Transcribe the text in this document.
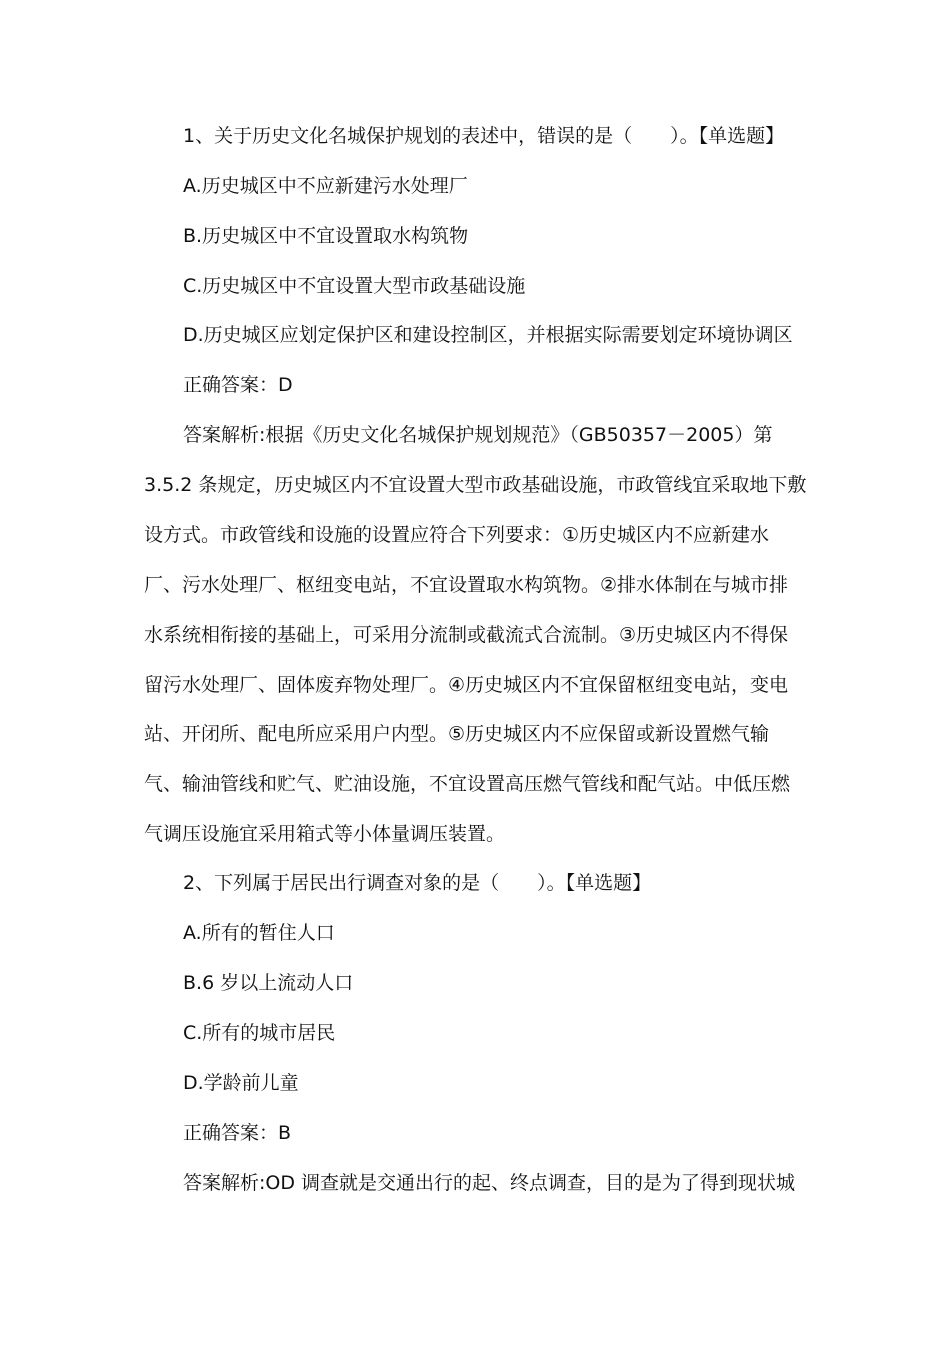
1、关于历史文化名城保护规划的表述中，错误的是（　　）。【单选题】
A.历史城区中不应新建污水处理厂
B.历史城区中不宜设置取水构筑物
C.历史城区中不宜设置大型市政基础设施
D.历史城区应划定保护区和建设控制区，并根据实际需要划定环境协调区
正确答案：D
答案解析:根据《历史文化名城保护规划规范》（GB50357－2005）第
3.5.2 条规定，历史城区内不宜设置大型市政基础设施，市政管线宜采取地下敷
设方式。市政管线和设施的设置应符合下列要求：①历史城区内不应新建水
厂、污水处理厂、枢纽变电站，不宜设置取水构筑物。②排水体制在与城市排
水系统相衔接的基础上，可采用分流制或截流式合流制。③历史城区内不得保
留污水处理厂、固体废弃物处理厂。④历史城区内不宜保留枢纽变电站，变电
站、开闭所、配电所应采用户内型。⑤历史城区内不应保留或新设置燃气输
气、输油管线和贮气、贮油设施，不宜设置高压燃气管线和配气站。中低压燃
气调压设施宜采用箱式等小体量调压装置。
2、下列属于居民出行调查对象的是（　　）。【单选题】
A.所有的暂住人口
B.6 岁以上流动人口
C.所有的城市居民
D.学龄前儿童
正确答案：B
答案解析:OD 调查就是交通出行的起、终点调查，目的是为了得到现状城
